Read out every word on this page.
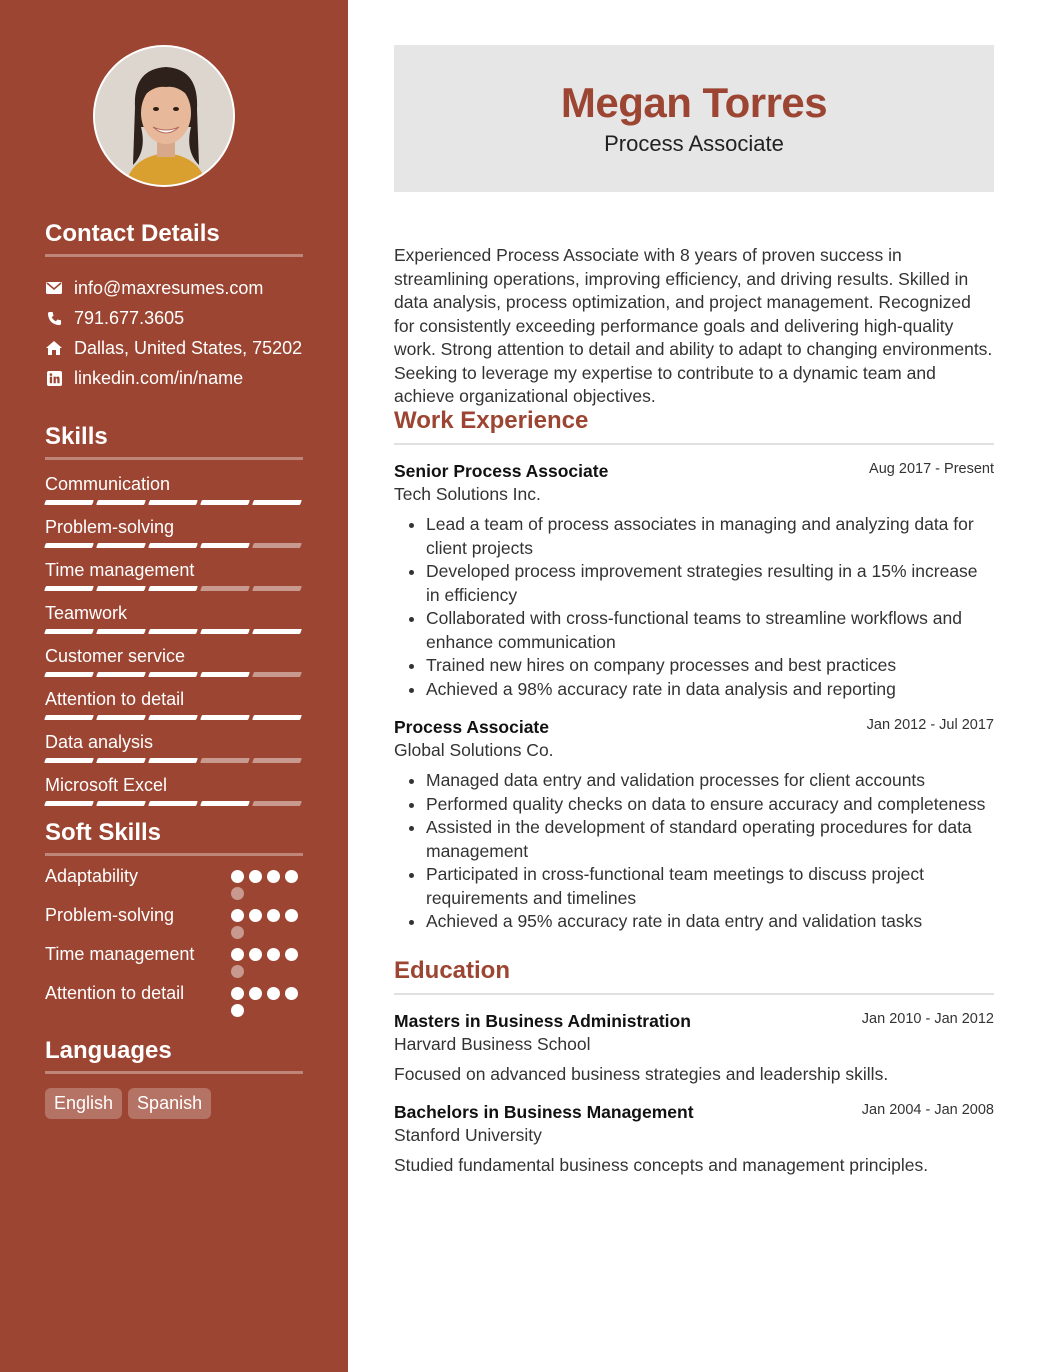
Contact Details
info@maxresumes.com
791.677.3605
Dallas, United States, 75202
linkedin.com/in/name
Skills
Communication
Problem-solving
Time management
Teamwork
Customer service
Attention to detail
Data analysis
Microsoft Excel
Soft Skills
Adaptability
Problem-solving
Time management
Attention to detail
Languages
English	Spanish
Megan Torres
Process Associate

Experienced Process Associate with 8 years of proven success in streamlining operations, improving efficiency, and driving results. Skilled in data analysis, process optimization, and project management. Recognized for consistently exceeding performance goals and delivering high-quality work. Strong attention to detail and ability to adapt to changing environments. Seeking to leverage my expertise to contribute to a dynamic team and achieve organizational objectives.

Work Experience
Senior Process Associate	Aug 2017 - Present
Tech Solutions Inc.
• Lead a team of process associates in managing and analyzing data for client projects
• Developed process improvement strategies resulting in a 15% increase in efficiency
• Collaborated with cross-functional teams to streamline workflows and enhance communication
• Trained new hires on company processes and best practices
• Achieved a 98% accuracy rate in data analysis and reporting
Process Associate	Jan 2012 - Jul 2017
Global Solutions Co.
• Managed data entry and validation processes for client accounts
• Performed quality checks on data to ensure accuracy and completeness
• Assisted in the development of standard operating procedures for data management
• Participated in cross-functional team meetings to discuss project requirements and timelines
• Achieved a 95% accuracy rate in data entry and validation tasks
Education
Masters in Business Administration	Jan 2010 - Jan 2012
Harvard Business School
Focused on advanced business strategies and leadership skills.
Bachelors in Business Management	Jan 2004 - Jan 2008
Stanford University
Studied fundamental business concepts and management principles.
